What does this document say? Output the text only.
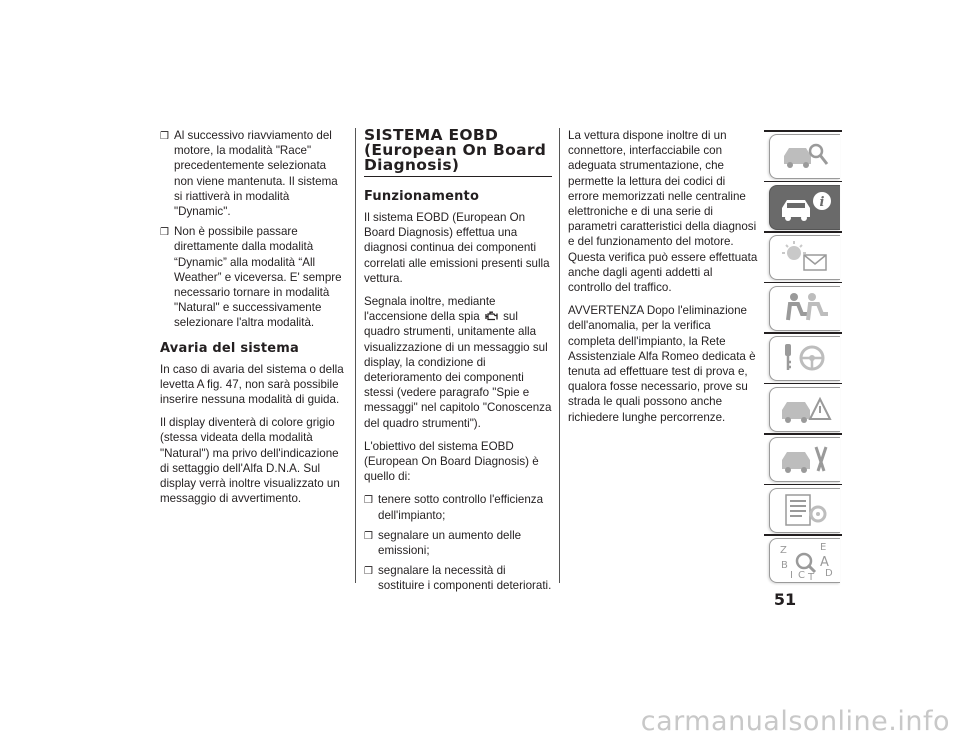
❒ Al successivo riavviamento del motore, la modalità "Race" precedentemente selezionata non viene mantenuta. Il sistema si riattiverà in modalità "Dynamic".
❒ Non è possibile passare direttamente dalla modalità “Dynamic” alla modalità “All Weather” e viceversa. E' sempre necessario tornare in modalità "Natural" e successivamente selezionare l'altra modalità.
Avaria del sistema

In caso di avaria del sistema o della levetta A fig. 47, non sarà possibile inserire nessuna modalità di guida.

Il display diventerà di colore grigio (stessa videata della modalità "Natural") ma privo dell'indicazione di settaggio dell'Alfa D.N.A. Sul display verrà inoltre visualizzato un messaggio di avvertimento.

SISTEMA EOBD (European On Board Diagnosis)
Funzionamento

Il sistema EOBD (European On Board Diagnosis) effettua una diagnosi continua dei componenti correlati alle emissioni presenti sulla vettura.

Segnala inoltre, mediante l'accensione della spia sul quadro strumenti, unitamente alla visualizzazione di un messaggio sul display, la condizione di deterioramento dei componenti stessi (vedere paragrafo "Spie e messaggi" nel capitolo "Conoscenza del quadro strumenti").

L'obiettivo del sistema EOBD (European On Board Diagnosis) è quello di:

❒ tenere sotto controllo l'efficienza dell'impianto;
❒ segnalare un aumento delle emissioni;
❒ segnalare la necessità di sostituire i componenti deteriorati.

La vettura dispone inoltre di un connettore, interfacciabile con adeguata strumentazione, che permette la lettura dei codici di errore memorizzati nelle centraline elettroniche e di una serie di parametri caratteristici della diagnosi e del funzionamento del motore. Questa verifica può essere effettuata anche dagli agenti addetti al controllo del traffico.

AVVERTENZA Dopo l'eliminazione dell'anomalia, per la verifica completa dell'impianto, la Rete Assistenziale Alfa Romeo dedicata è tenuta ad effettuare test di prova e, qualora fosse necessario, prove su strada le quali possono anche richiedere lunghe percorrenze.

i
Z	E
B A
I C D
T
51
carmanualsonline.info
